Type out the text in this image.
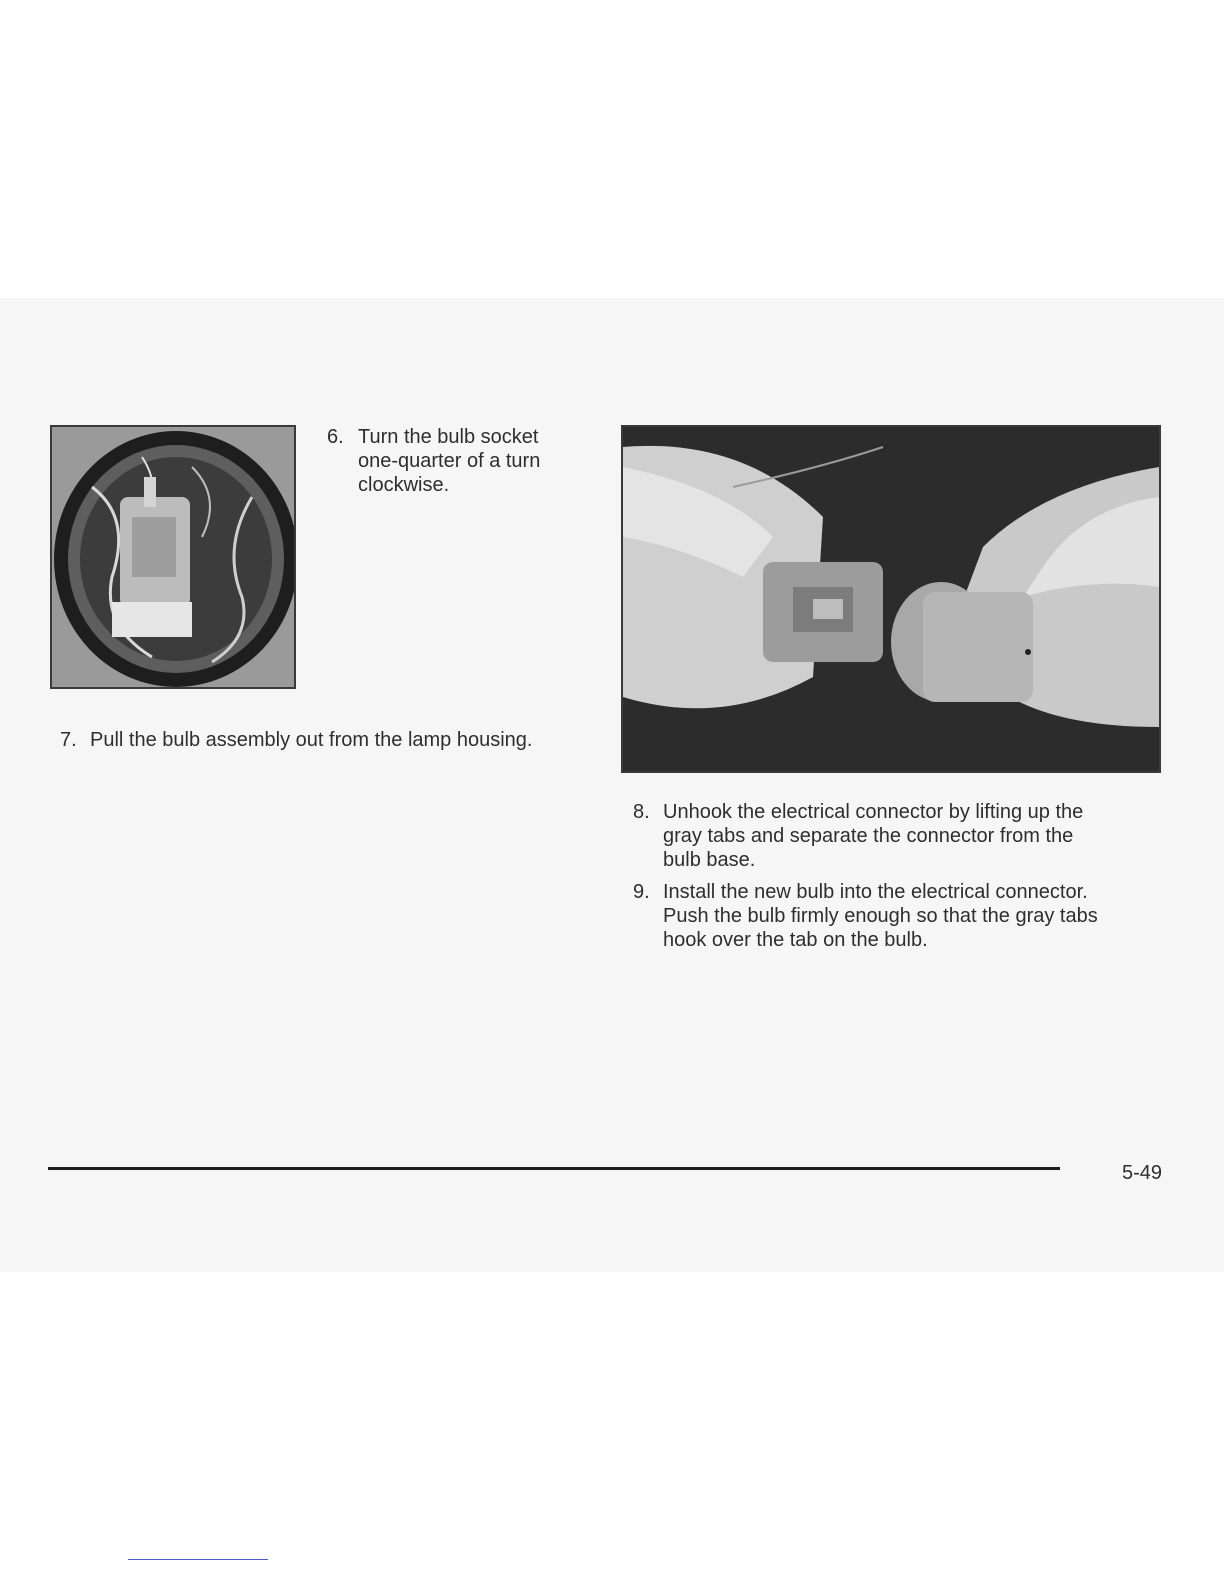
6. Turn the bulb socket
one-quarter of a turn
clockwise.
7. Pull the bulb assembly out from the lamp housing.
8. Unhook the electrical connector by lifting up the
gray tabs and separate the connector from the
bulb base.
9. Install the new bulb into the electrical connector.
Push the bulb firmly enough so that the gray tabs
hook over the tab on the bulb.
5-49
